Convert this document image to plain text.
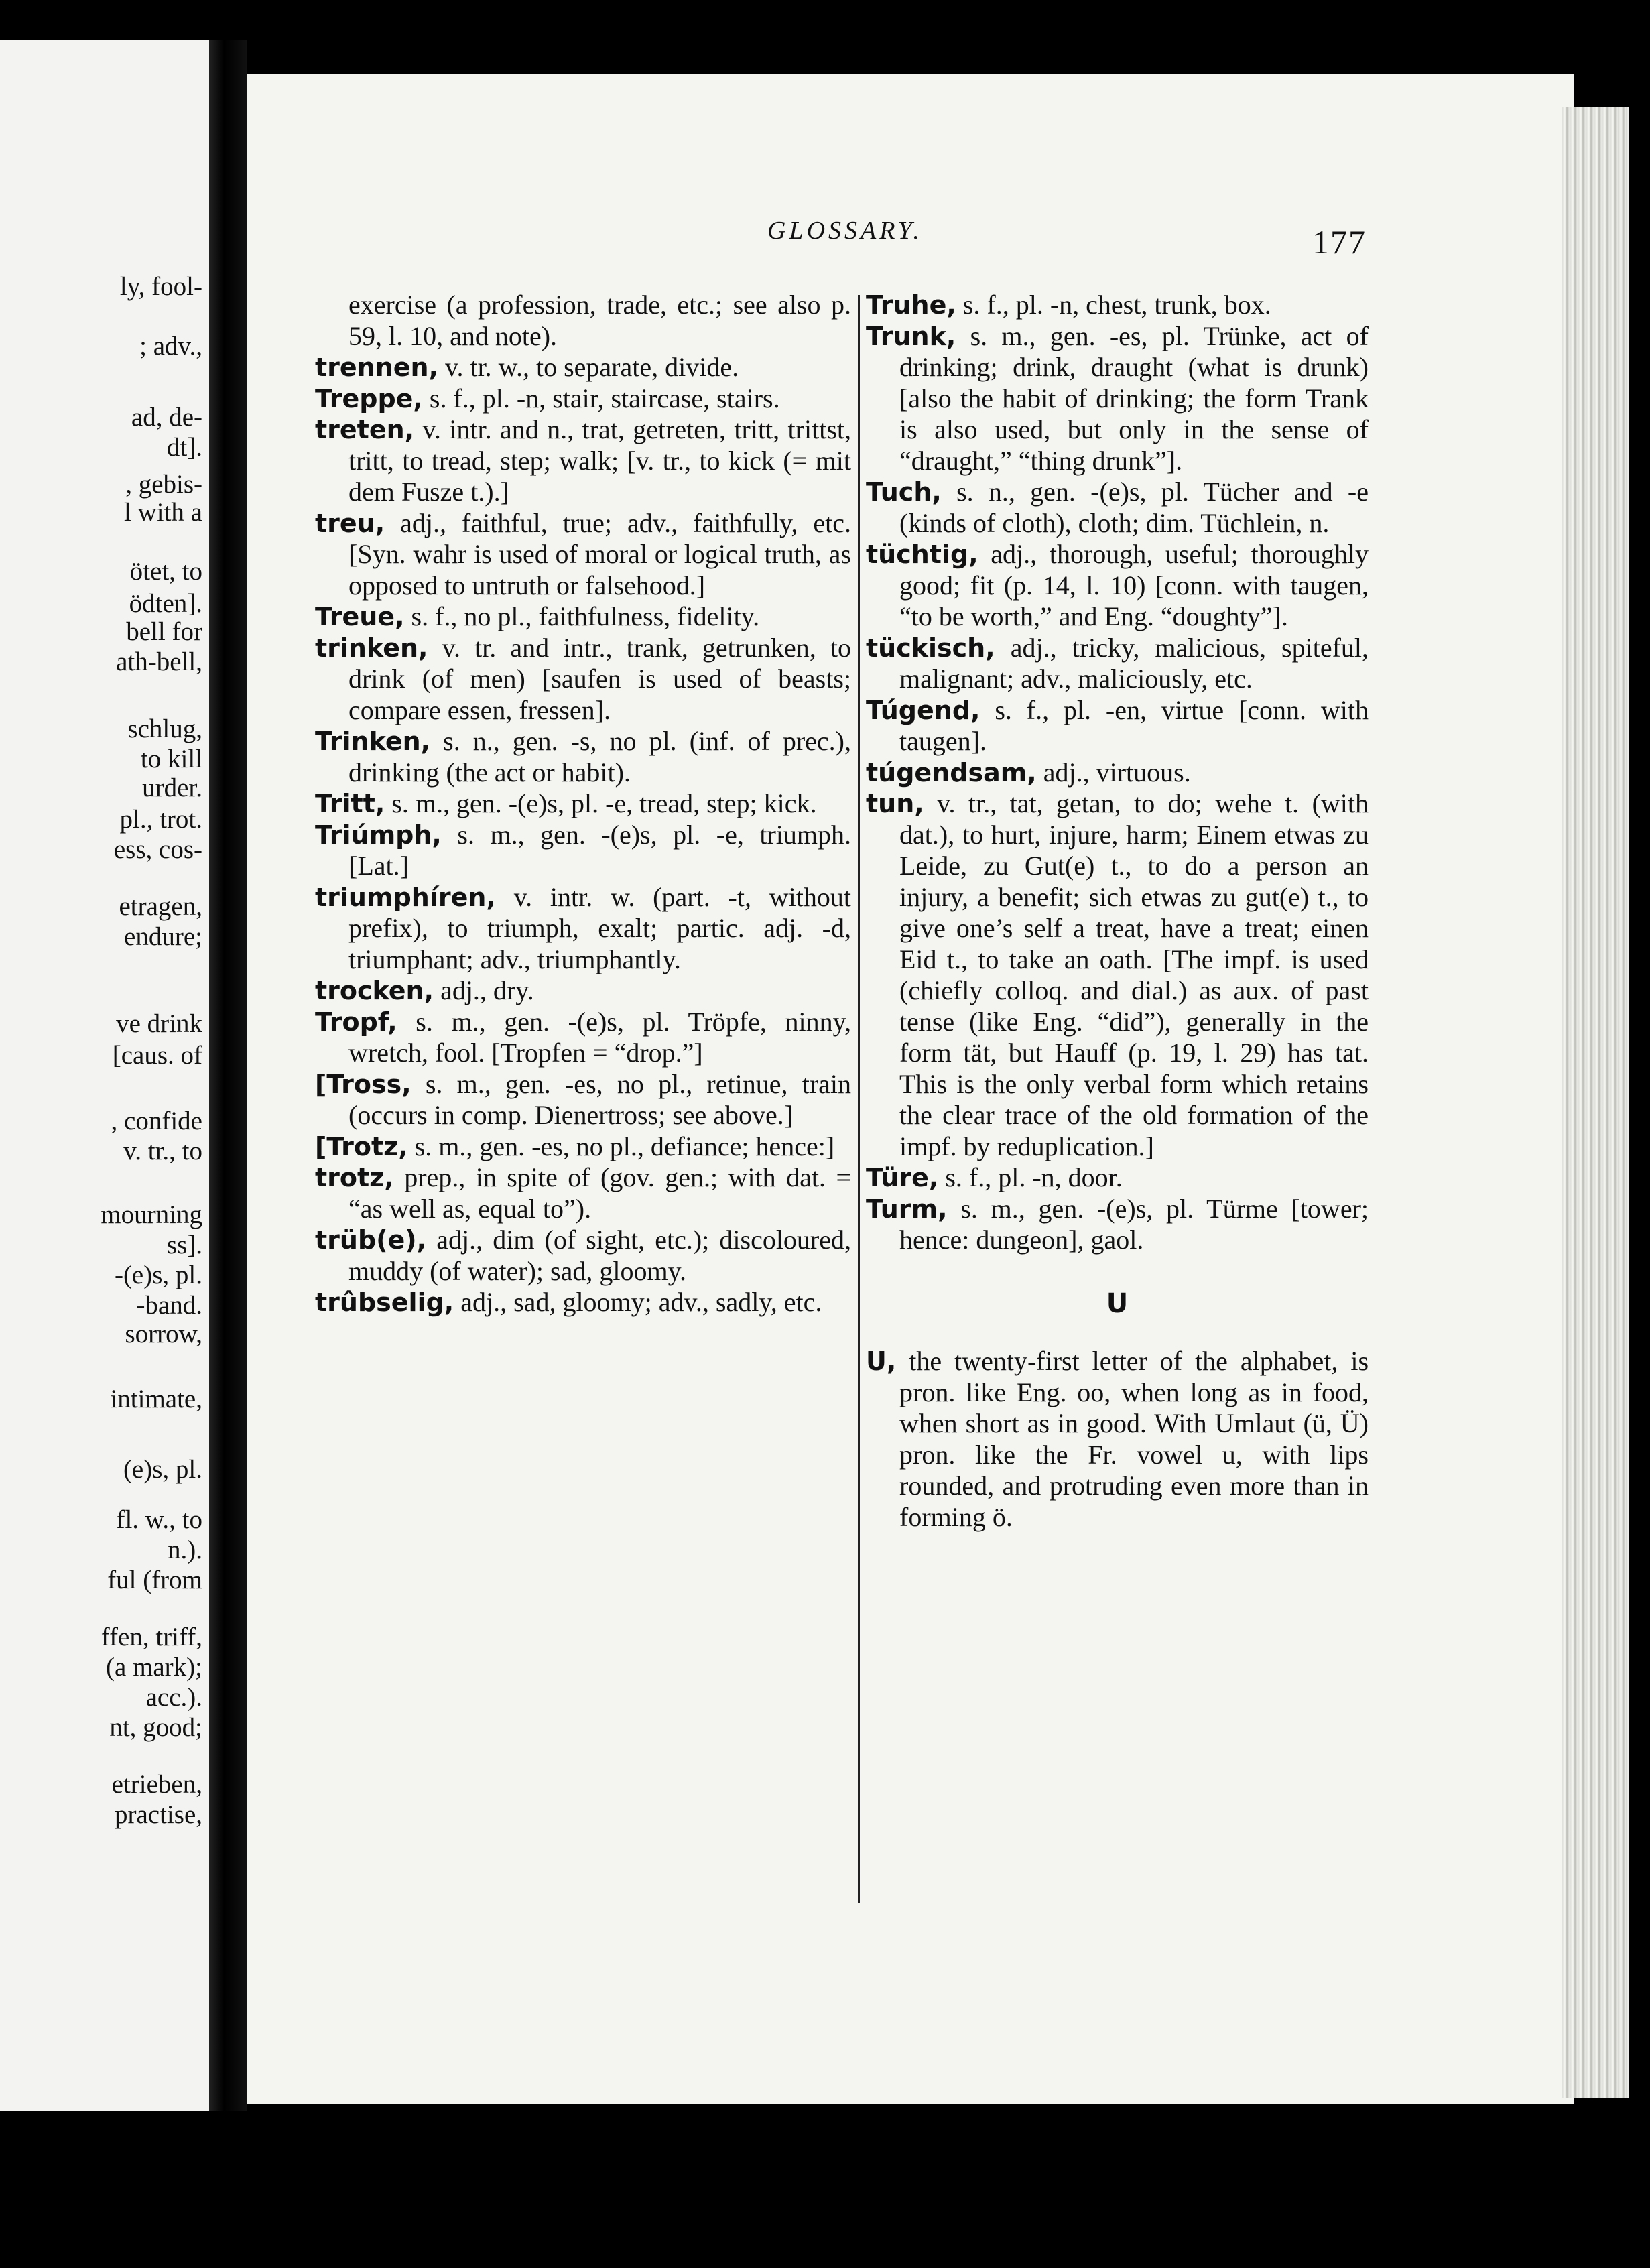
ly, fool-
; adv.,
ad, de-
dt].
, gebis-
l with a
ötet, to
ödten].
bell for
ath-bell,
schlug,
to kill
urder.
pl., trot.
ess, cos-
etragen,
endure;
ve drink
[caus. of
, confide
v. tr., to
mourning
ss].
-(e)s, pl.
-band.
sorrow,
intimate,
(e)s, pl.
fl. w., to
n.).
ful (from
ffen, triff,
(a mark);
acc.).
nt, good;
etrieben,
practise,
GLOSSARY.	177

exercise (a profession, trade, etc.; see also p. 59, l. 10, and note).

trennen, v. tr. w., to separate, divide.

Treppe, s. f., pl. -n, stair, staircase, stairs.

treten, v. intr. and n., trat, getreten, tritt, trittst, tritt, to tread, step; walk; [v. tr., to kick (= mit dem Fusze t.).]

treu, adj., faithful, true; adv., faithfully, etc. [Syn. wahr is used of moral or logical truth, as opposed to untruth or falsehood.]

Treue, s. f., no pl., faithfulness, fidelity.

trinken, v. tr. and intr., trank, getrunken, to drink (of men) [saufen is used of beasts; compare essen, fressen].

Trinken, s. n., gen. -s, no pl. (inf. of prec.), drinking (the act or habit).

Tritt, s. m., gen. -(e)s, pl. -e, tread, step; kick.

Triúmph, s. m., gen. -(e)s, pl. -e, triumph. [Lat.]

triumphíren, v. intr. w. (part. -t, without prefix), to triumph, exalt; partic. adj. -d, triumphant; adv., triumphantly.

trocken, adj., dry.

Tropf, s. m., gen. -(e)s, pl. Tröpfe, ninny, wretch, fool. [Tropfen = “drop.”]

[Tross, s. m., gen. -es, no pl., retinue, train (occurs in comp. Dienertross; see above.]

[Trotz, s. m., gen. -es, no pl., defiance; hence:]

trotz, prep., in spite of (gov. gen.; with dat. = “as well as, equal to”).

trüb(e), adj., dim (of sight, etc.); discoloured, muddy (of water); sad, gloomy.

trûbselig, adj., sad, gloomy; adv., sadly, etc.

Truhe, s. f., pl. -n, chest, trunk, box.

Trunk, s. m., gen. -es, pl. Trünke, act of drinking; drink, draught (what is drunk) [also the habit of drinking; the form Trank is also used, but only in the sense of “draught,” “thing drunk”].

Tuch, s. n., gen. -(e)s, pl. Tücher and -e (kinds of cloth), cloth; dim. Tüchlein, n.

tüchtig, adj., thorough, useful; thoroughly good; fit (p. 14, l. 10) [conn. with taugen, “to be worth,” and Eng. “doughty”].

tückisch, adj., tricky, malicious, spiteful, malignant; adv., maliciously, etc.

Túgend, s. f., pl. -en, virtue [conn. with taugen].

túgendsam, adj., virtuous.

tun, v. tr., tat, getan, to do; wehe t. (with dat.), to hurt, injure, harm; Einem etwas zu Leide, zu Gut(e) t., to do a person an injury, a benefit; sich etwas zu gut(e) t., to give one’s self a treat, have a treat; einen Eid t., to take an oath. [The impf. is used (chiefly colloq. and dial.) as aux. of past tense (like Eng. “did”), generally in the form tät, but Hauff (p. 19, l. 29) has tat. This is the only verbal form which retains the clear trace of the old formation of the impf. by reduplication.]

Türe, s. f., pl. -n, door.

Turm, s. m., gen. -(e)s, pl. Türme [tower; hence: dungeon], gaol.

U

U, the twenty-first letter of the alphabet, is pron. like Eng. oo, when long as in food, when short as in good. With Umlaut (ü, Ü) pron. like the Fr. vowel u, with lips rounded, and protruding even more than in forming ö.
